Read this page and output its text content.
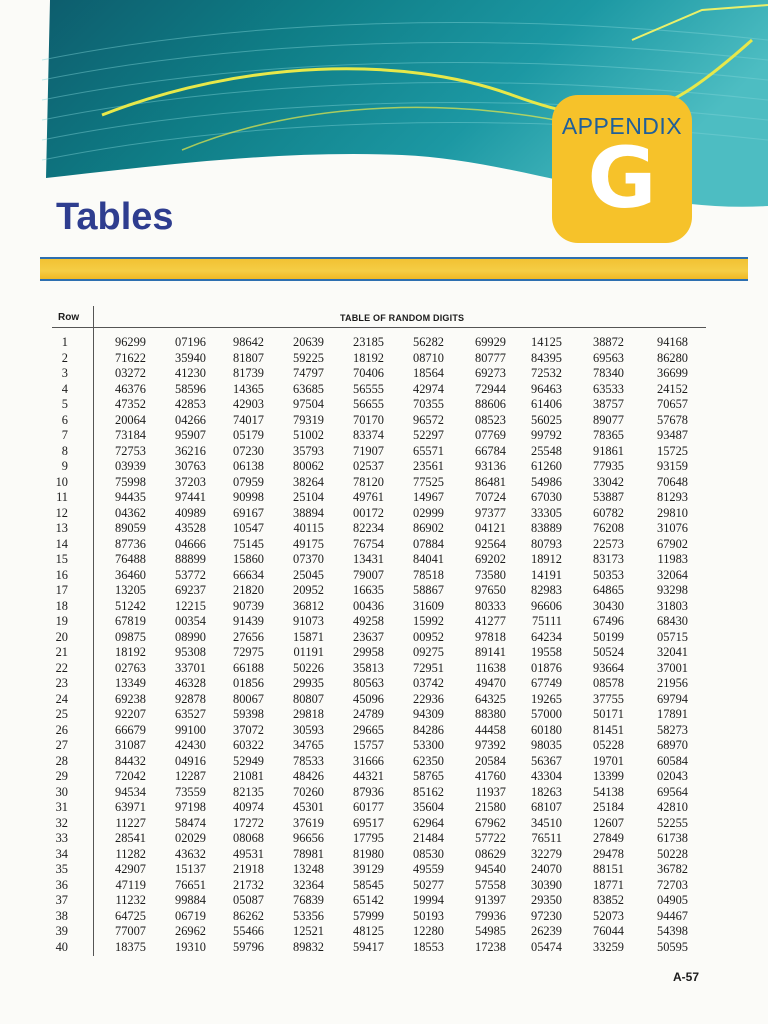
APPENDIX
G
Tables
Row	TABLE OF RANDOM DIGITS
1	96299	07196	98642	20639	23185	56282	69929	14125	38872	94168
2	71622	35940	81807	59225	18192	08710	80777	84395	69563	86280
3	03272	41230	81739	74797	70406	18564	69273	72532	78340	36699
4	46376	58596	14365	63685	56555	42974	72944	96463	63533	24152
5	47352	42853	42903	97504	56655	70355	88606	61406	38757	70657
6	20064	04266	74017	79319	70170	96572	08523	56025	89077	57678
7	73184	95907	05179	51002	83374	52297	07769	99792	78365	93487
8	72753	36216	07230	35793	71907	65571	66784	25548	91861	15725
9	03939	30763	06138	80062	02537	23561	93136	61260	77935	93159
10	75998	37203	07959	38264	78120	77525	86481	54986	33042	70648
11	94435	97441	90998	25104	49761	14967	70724	67030	53887	81293
12	04362	40989	69167	38894	00172	02999	97377	33305	60782	29810
13	89059	43528	10547	40115	82234	86902	04121	83889	76208	31076
14	87736	04666	75145	49175	76754	07884	92564	80793	22573	67902
15	76488	88899	15860	07370	13431	84041	69202	18912	83173	11983
16	36460	53772	66634	25045	79007	78518	73580	14191	50353	32064
17	13205	69237	21820	20952	16635	58867	97650	82983	64865	93298
18	51242	12215	90739	36812	00436	31609	80333	96606	30430	31803
19	67819	00354	91439	91073	49258	15992	41277	75111	67496	68430
20	09875	08990	27656	15871	23637	00952	97818	64234	50199	05715
21	18192	95308	72975	01191	29958	09275	89141	19558	50524	32041
22	02763	33701	66188	50226	35813	72951	11638	01876	93664	37001
23	13349	46328	01856	29935	80563	03742	49470	67749	08578	21956
24	69238	92878	80067	80807	45096	22936	64325	19265	37755	69794
25	92207	63527	59398	29818	24789	94309	88380	57000	50171	17891
26	66679	99100	37072	30593	29665	84286	44458	60180	81451	58273
27	31087	42430	60322	34765	15757	53300	97392	98035	05228	68970
28	84432	04916	52949	78533	31666	62350	20584	56367	19701	60584
29	72042	12287	21081	48426	44321	58765	41760	43304	13399	02043
30	94534	73559	82135	70260	87936	85162	11937	18263	54138	69564
31	63971	97198	40974	45301	60177	35604	21580	68107	25184	42810
32	11227	58474	17272	37619	69517	62964	67962	34510	12607	52255
33	28541	02029	08068	96656	17795	21484	57722	76511	27849	61738
34	11282	43632	49531	78981	81980	08530	08629	32279	29478	50228
35	42907	15137	21918	13248	39129	49559	94540	24070	88151	36782
36	47119	76651	21732	32364	58545	50277	57558	30390	18771	72703
37	11232	99884	05087	76839	65142	19994	91397	29350	83852	04905
38	64725	06719	86262	53356	57999	50193	79936	97230	52073	94467
39	77007	26962	55466	12521	48125	12280	54985	26239	76044	54398
40	18375	19310	59796	89832	59417	18553	17238	05474	33259	50595
A-57
